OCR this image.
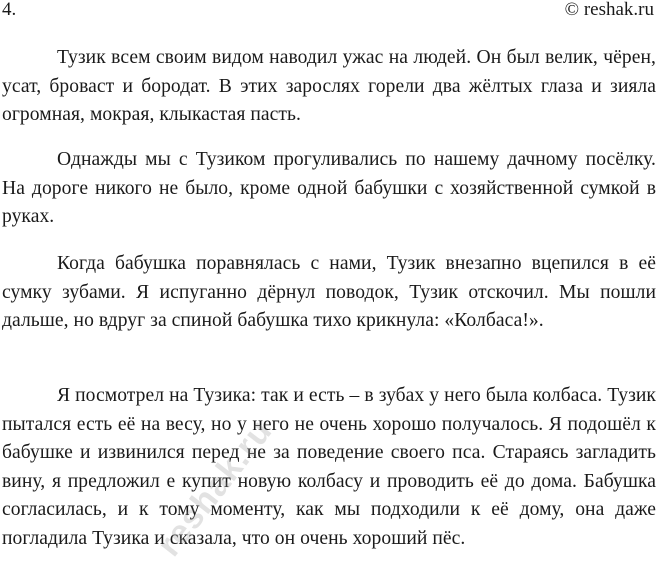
4.	© reshak.ru

Тузик всем своим видом наводил ужас на людей. Он был велик, чёрен, усат, броваст и бородат. В этих зарослях горели два жёлтых глаза и зияла огромная, мокрая, клыкастая пасть.

Однажды мы с Тузиком прогуливались по нашему дачному посёлку. На дороге никого не было, кроме одной бабушки с хозяйственной сумкой в руках.

Когда бабушка поравнялась с нами, Тузик внезапно вцепился в её сумку зубами. Я испуганно дёрнул поводок, Тузик отскочил. Мы пошли дальше, но вдруг за спиной бабушка тихо крикнула: «Колбаса!».

Я посмотрел на Тузика: так и есть – в зубах у него была колбаса. Тузик пытался есть её на весу, но у него не очень хорошо получалось. Я подошёл к бабушке и извинился перед не за поведение своего пса. Стараясь загладить вину, я предложил е купит новую колбасу и проводить её до дома. Бабушка согласилась, и к тому моменту, как мы подходили к её дому, она даже погладила Тузика и сказала, что он очень хороший пёс.

reshak.ru
